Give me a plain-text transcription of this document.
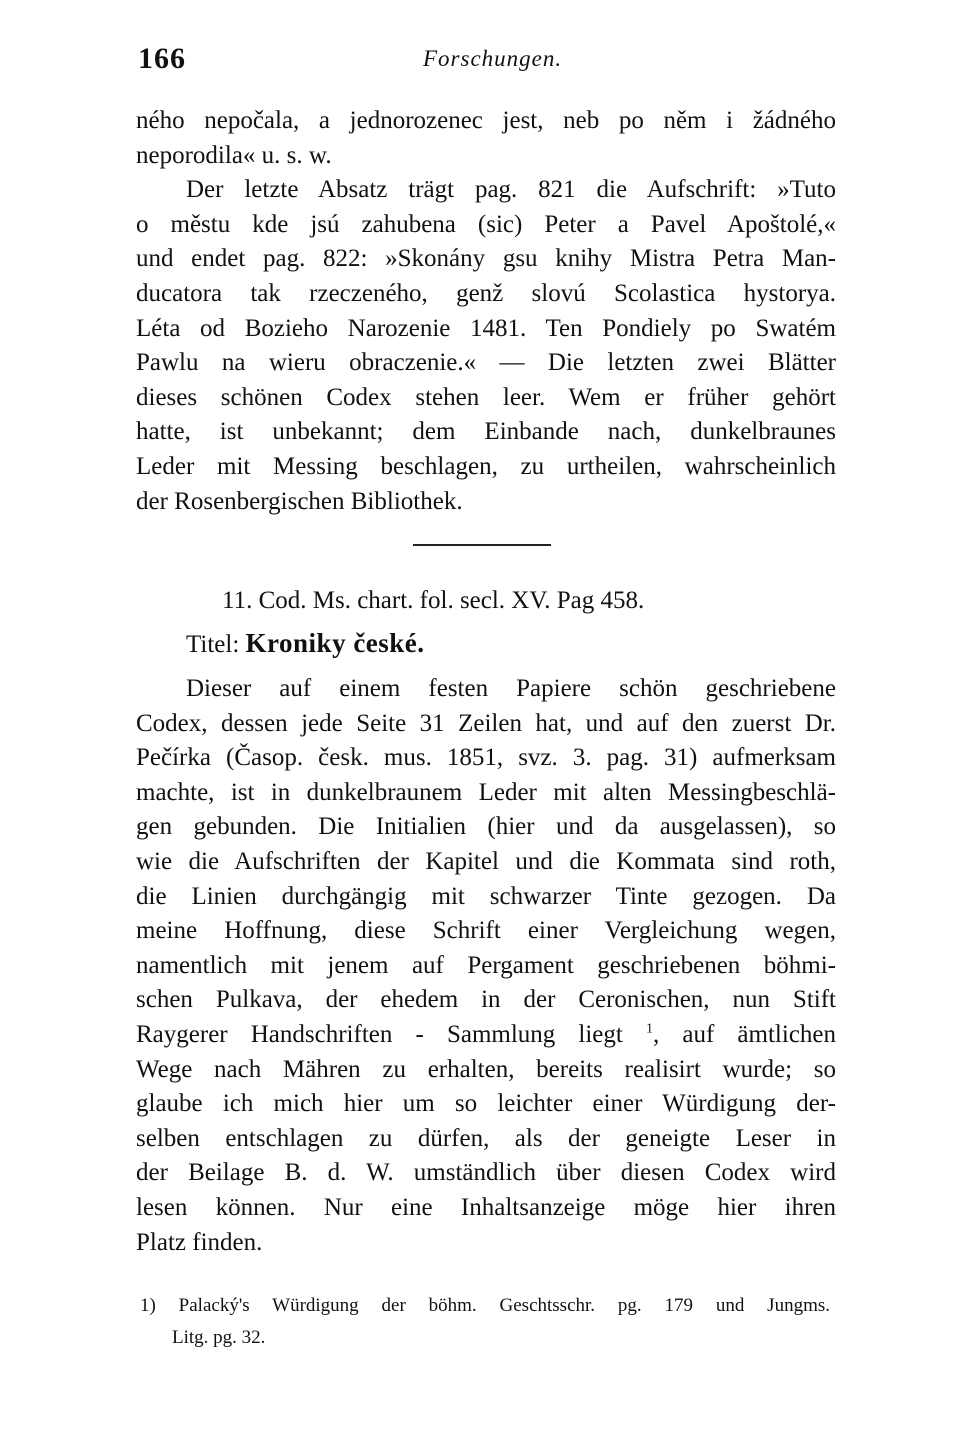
166	Forschungen.
ného nepočala, a jednorozenec jest, neb po něm i žádného
neporodila« u. s. w.
Der letzte Absatz trägt pag. 821 die Aufschrift: »Tuto
o městu kde jsú zahubena (sic) Peter a Pavel Apoštolé,«
und endet pag. 822: »Skonány gsu knihy Mistra Petra Man-
ducatora tak rzeczeného, genž slovú Scolastica hystorya.
Léta od Bozieho Narozenie 1481. Ten Pondiely po Swatém
Pawlu na wieru obraczenie.« — Die letzten zwei Blätter
dieses schönen Codex stehen leer. Wem er früher gehört
hatte, ist unbekannt; dem Einbande nach, dunkelbraunes
Leder mit Messing beschlagen, zu urtheilen, wahrscheinlich
der Rosenbergischen Bibliothek.
11. Cod. Ms. chart. fol. secl. XV. Pag 458.
Titel: Kroniky české.
Dieser auf einem festen Papiere schön geschriebene
Codex, dessen jede Seite 31 Zeilen hat, und auf den zuerst Dr.
Pečírka (Časop. česk. mus. 1851, svz. 3. pag. 31) aufmerksam
machte, ist in dunkelbraunem Leder mit alten Messingbeschlä-
gen gebunden. Die Initialien (hier und da ausgelassen), so
wie die Aufschriften der Kapitel und die Kommata sind roth,
die Linien durchgängig mit schwarzer Tinte gezogen. Da
meine Hoffnung, diese Schrift einer Vergleichung wegen,
namentlich mit jenem auf Pergament geschriebenen böhmi-
schen Pulkava, der ehedem in der Ceronischen, nun Stift
Raygerer Handschriften - Sammlung liegt $^1$, auf ämtlichen
Wege nach Mähren zu erhalten, bereits realisirt wurde; so
glaube ich mich hier um so leichter einer Würdigung der-
selben entschlagen zu dürfen, als der geneigte Leser in
der Beilage B. d. W. umständlich über diesen Codex wird
lesen können. Nur eine Inhaltsanzeige möge hier ihren
Platz finden.
1) Palacký's Würdigung der böhm. Geschtsschr. pg. 179 und Jungms.
Litg. pg. 32.
